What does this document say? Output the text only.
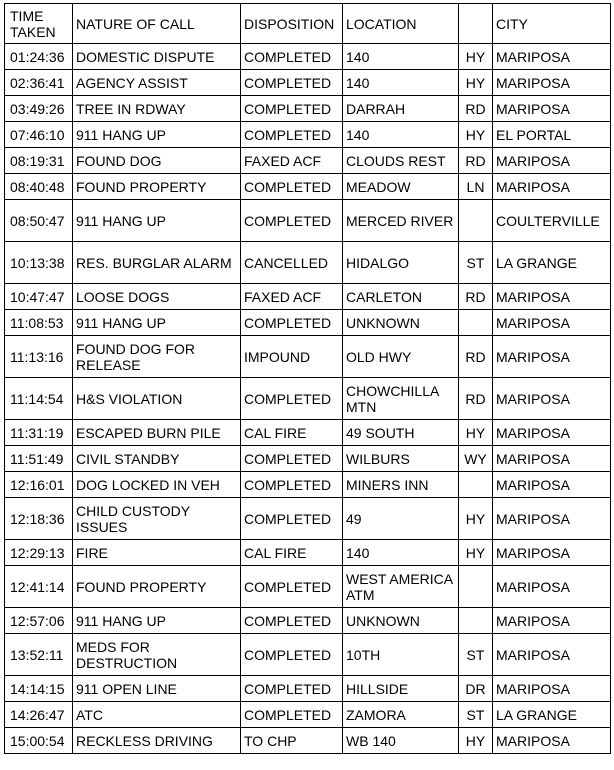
TIME TAKEN	NATURE OF CALL	DISPOSITION	LOCATION		CITY
01:24:36	DOMESTIC DISPUTE	COMPLETED	140	HY	MARIPOSA
02:36:41	AGENCY ASSIST	COMPLETED	140	HY	MARIPOSA
03:49:26	TREE IN RDWAY	COMPLETED	DARRAH	RD	MARIPOSA
07:46:10	911 HANG UP	COMPLETED	140	HY	EL PORTAL
08:19:31	FOUND DOG	FAXED ACF	CLOUDS REST	RD	MARIPOSA
08:40:48	FOUND PROPERTY	COMPLETED	MEADOW	LN	MARIPOSA
08:50:47	911 HANG UP	COMPLETED	MERCED RIVER		COULTERVILLE
10:13:38	RES. BURGLAR ALARM	CANCELLED	HIDALGO	ST	LA GRANGE
10:47:47	LOOSE DOGS	FAXED ACF	CARLETON	RD	MARIPOSA
11:08:53	911 HANG UP	COMPLETED	UNKNOWN		MARIPOSA
11:13:16	FOUND DOG FOR RELEASE	IMPOUND	OLD HWY	RD	MARIPOSA
11:14:54	H&S VIOLATION	COMPLETED	CHOWCHILLA MTN	RD	MARIPOSA
11:31:19	ESCAPED BURN PILE	CAL FIRE	49 SOUTH	HY	MARIPOSA
11:51:49	CIVIL STANDBY	COMPLETED	WILBURS	WY	MARIPOSA
12:16:01	DOG LOCKED IN VEH	COMPLETED	MINERS INN		MARIPOSA
12:18:36	CHILD CUSTODY ISSUES	COMPLETED	49	HY	MARIPOSA
12:29:13	FIRE	CAL FIRE	140	HY	MARIPOSA
12:41:14	FOUND PROPERTY	COMPLETED	WEST AMERICA ATM		MARIPOSA
12:57:06	911 HANG UP	COMPLETED	UNKNOWN		MARIPOSA
13:52:11	MEDS FOR DESTRUCTION	COMPLETED	10TH	ST	MARIPOSA
14:14:15	911 OPEN LINE	COMPLETED	HILLSIDE	DR	MARIPOSA
14:26:47	ATC	COMPLETED	ZAMORA	ST	LA GRANGE
15:00:54	RECKLESS DRIVING	TO CHP	WB 140	HY	MARIPOSA
